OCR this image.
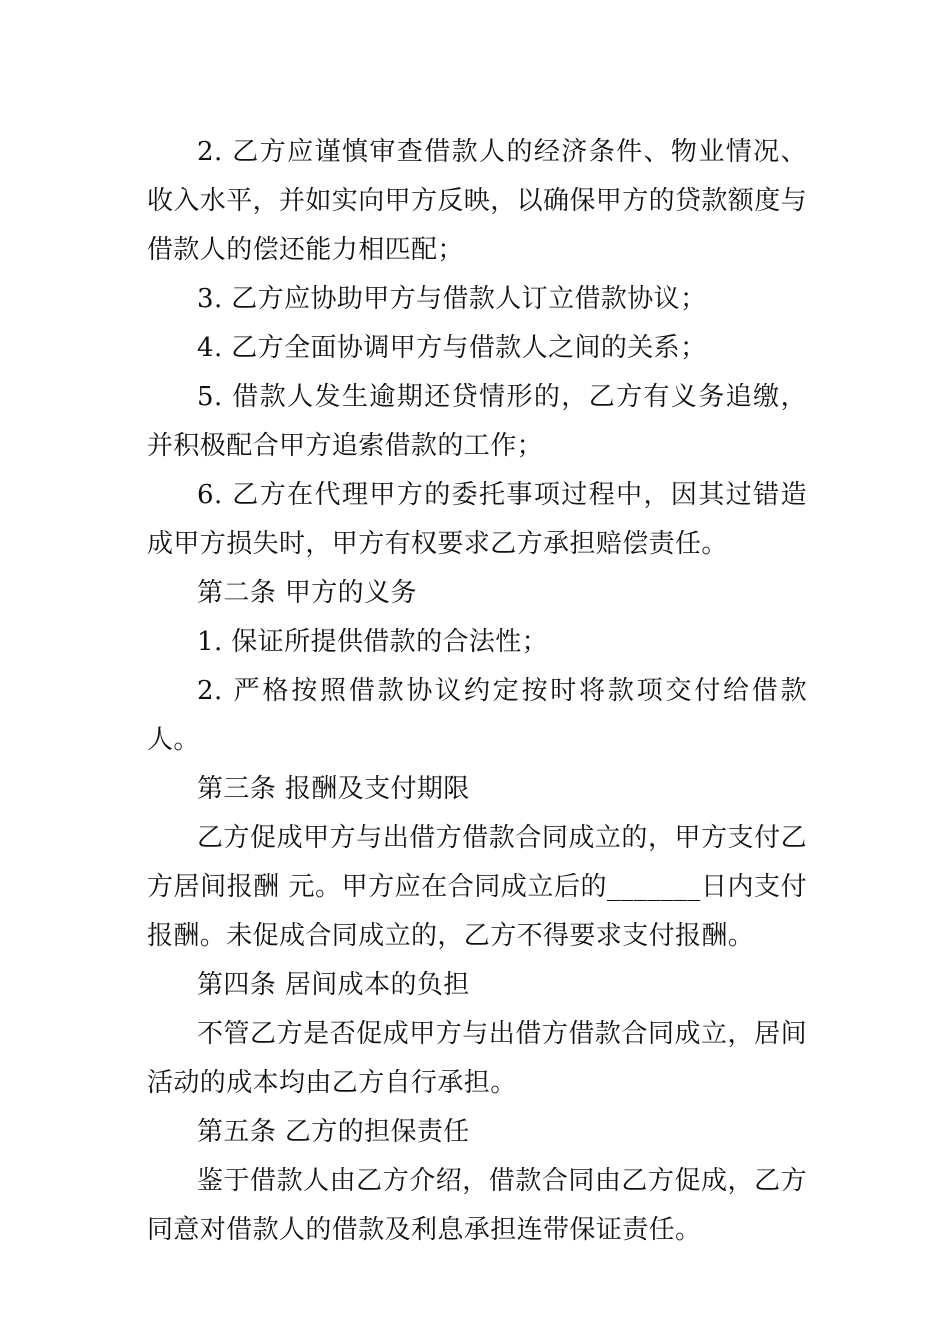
2. 乙方应谨慎审查借款人的经济条件、物业情况、收入水平，并如实向甲方反映，以确保甲方的贷款额度与借款人的偿还能力相匹配；

3. 乙方应协助甲方与借款人订立借款协议；

4. 乙方全面协调甲方与借款人之间的关系；

5. 借款人发生逾期还贷情形的，乙方有义务追缴，并积极配合甲方追索借款的工作；

6. 乙方在代理甲方的委托事项过程中，因其过错造成甲方损失时，甲方有权要求乙方承担赔偿责任。

第二条 甲方的义务

1. 保证所提供借款的合法性；

2. 严格按照借款协议约定按时将款项交付给借款人。

第三条 报酬及支付期限

乙方促成甲方与出借方借款合同成立的，甲方支付乙方居间报酬 元。甲方应在合同成立后的_______日内支付报酬。未促成合同成立的，乙方不得要求支付报酬。

第四条 居间成本的负担

不管乙方是否促成甲方与出借方借款合同成立，居间活动的成本均由乙方自行承担。

第五条 乙方的担保责任

鉴于借款人由乙方介绍，借款合同由乙方促成，乙方同意对借款人的借款及利息承担连带保证责任。
